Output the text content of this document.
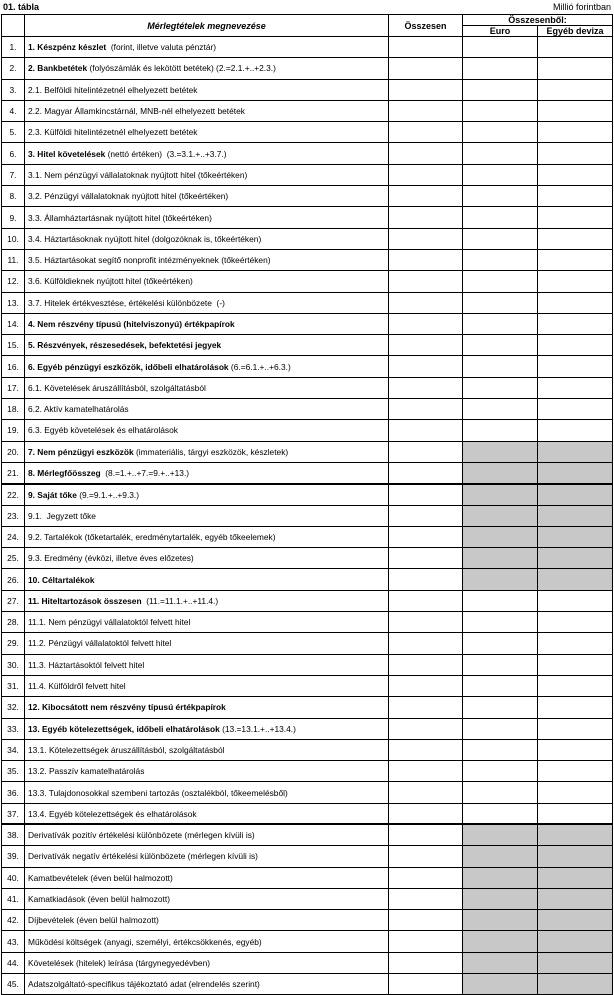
01. tábla	Millió forintban
	Mérlegtételek megnevezése	Összesen	Összesenből:	
			Euro	Egyéb deviza
1.	1. Készpénz készlet  (forint, illetve valuta pénztár)			
2.	2. Bankbetétek (folyószámlák és lekötött betétek) (2.=2.1.+..+2.3.)			
3.	2.1. Belföldi hitelintézetnél elhelyezett betétek			
4.	2.2. Magyar Államkincstárnál, MNB-nél elhelyezett betétek			
5.	2.3. Külföldi hitelintézetnél elhelyezett betétek			
6.	3. Hitel követelések (nettó értéken)  (3.=3.1.+..+3.7.)			
7.	3.1. Nem pénzügyi vállalatoknak nyújtott hitel (tőkeértéken)			
8.	3.2. Pénzügyi vállalatoknak nyújtott hitel (tőkeértéken)			
9.	3.3. Államháztartásnak nyújtott hitel (tőkeértéken)			
10.	3.4. Háztartásoknak nyújtott hitel (dolgozóknak is, tőkeértéken)			
11.	3.5. Háztartásokat segítő nonprofit intézményeknek (tőkeértéken)			
12.	3.6. Külföldieknek nyújtott hitel (tőkeértéken)			
13.	3.7. Hitelek értékvesztése, értékelési különbözete  (-)			
14.	4. Nem részvény típusú (hitelviszonyú) értékpapírok			
15.	5. Részvények, részesedések, befektetési jegyek			
16.	6. Egyéb pénzügyi eszközök, időbeli elhatárolások (6.=6.1.+..+6.3.)			
17.	6.1. Követelések áruszállításból, szolgáltatásból			
18.	6.2. Aktív kamatelhatárolás			
19.	6.3. Egyéb követelések és elhatárolások			
20.	7. Nem pénzügyi eszközök (immateriális, tárgyi eszközök, készletek)			
21.	8. Mérlegfőösszeg  (8.=1.+..+7.=9.+..+13.)			
22.	9. Saját tőke (9.=9.1.+..+9.3.)			
23.	9.1.  Jegyzett tőke			
24.	9.2. Tartalékok (tőketartalék, eredménytartalék, egyéb tőkeelemek)			
25.	9.3. Eredmény (évközi, illetve éves előzetes)			
26.	10. Céltartalékok			
27.	11. Hiteltartozások összesen  (11.=11.1.+..+11.4.)			
28.	11.1. Nem pénzügyi vállalatoktól felvett hitel			
29.	11.2. Pénzügyi vállalatoktól felvett hitel			
30.	11.3. Háztartásoktól felvett hitel			
31.	11.4. Külföldről felvett hitel			
32.	12. Kibocsátott nem részvény típusú értékpapírok			
33.	13. Egyéb kötelezettségek, időbeli elhatárolások (13.=13.1.+..+13.4.)			
34.	13.1. Kötelezettségek áruszállításból, szolgáltatásból			
35.	13.2. Passzív kamatelhatárolás			
36.	13.3. Tulajdonosokkal szembeni tartozás (osztalékból, tőkeemelésből)			
37.	13.4. Egyéb kötelezettségek és elhatárolások			
38.	Derivatívák pozitív értékelési különbözete (mérlegen kívüli is)			
39.	Derivatívák negatív értékelési különbözete (mérlegen kívüli is)			
40.	Kamatbevételek (éven belül halmozott)			
41.	Kamatkiadások (éven belül halmozott)			
42.	Díjbevételek (éven belül halmozott)			
43.	Működési költségek (anyagi, személyi, értékcsökkenés, egyéb)			
44.	Követelések (hitelek) leírása (tárgynegyedévben)			
45.	Adatszolgáltató-specifikus tájékoztató adat (elrendelés szerint)			
